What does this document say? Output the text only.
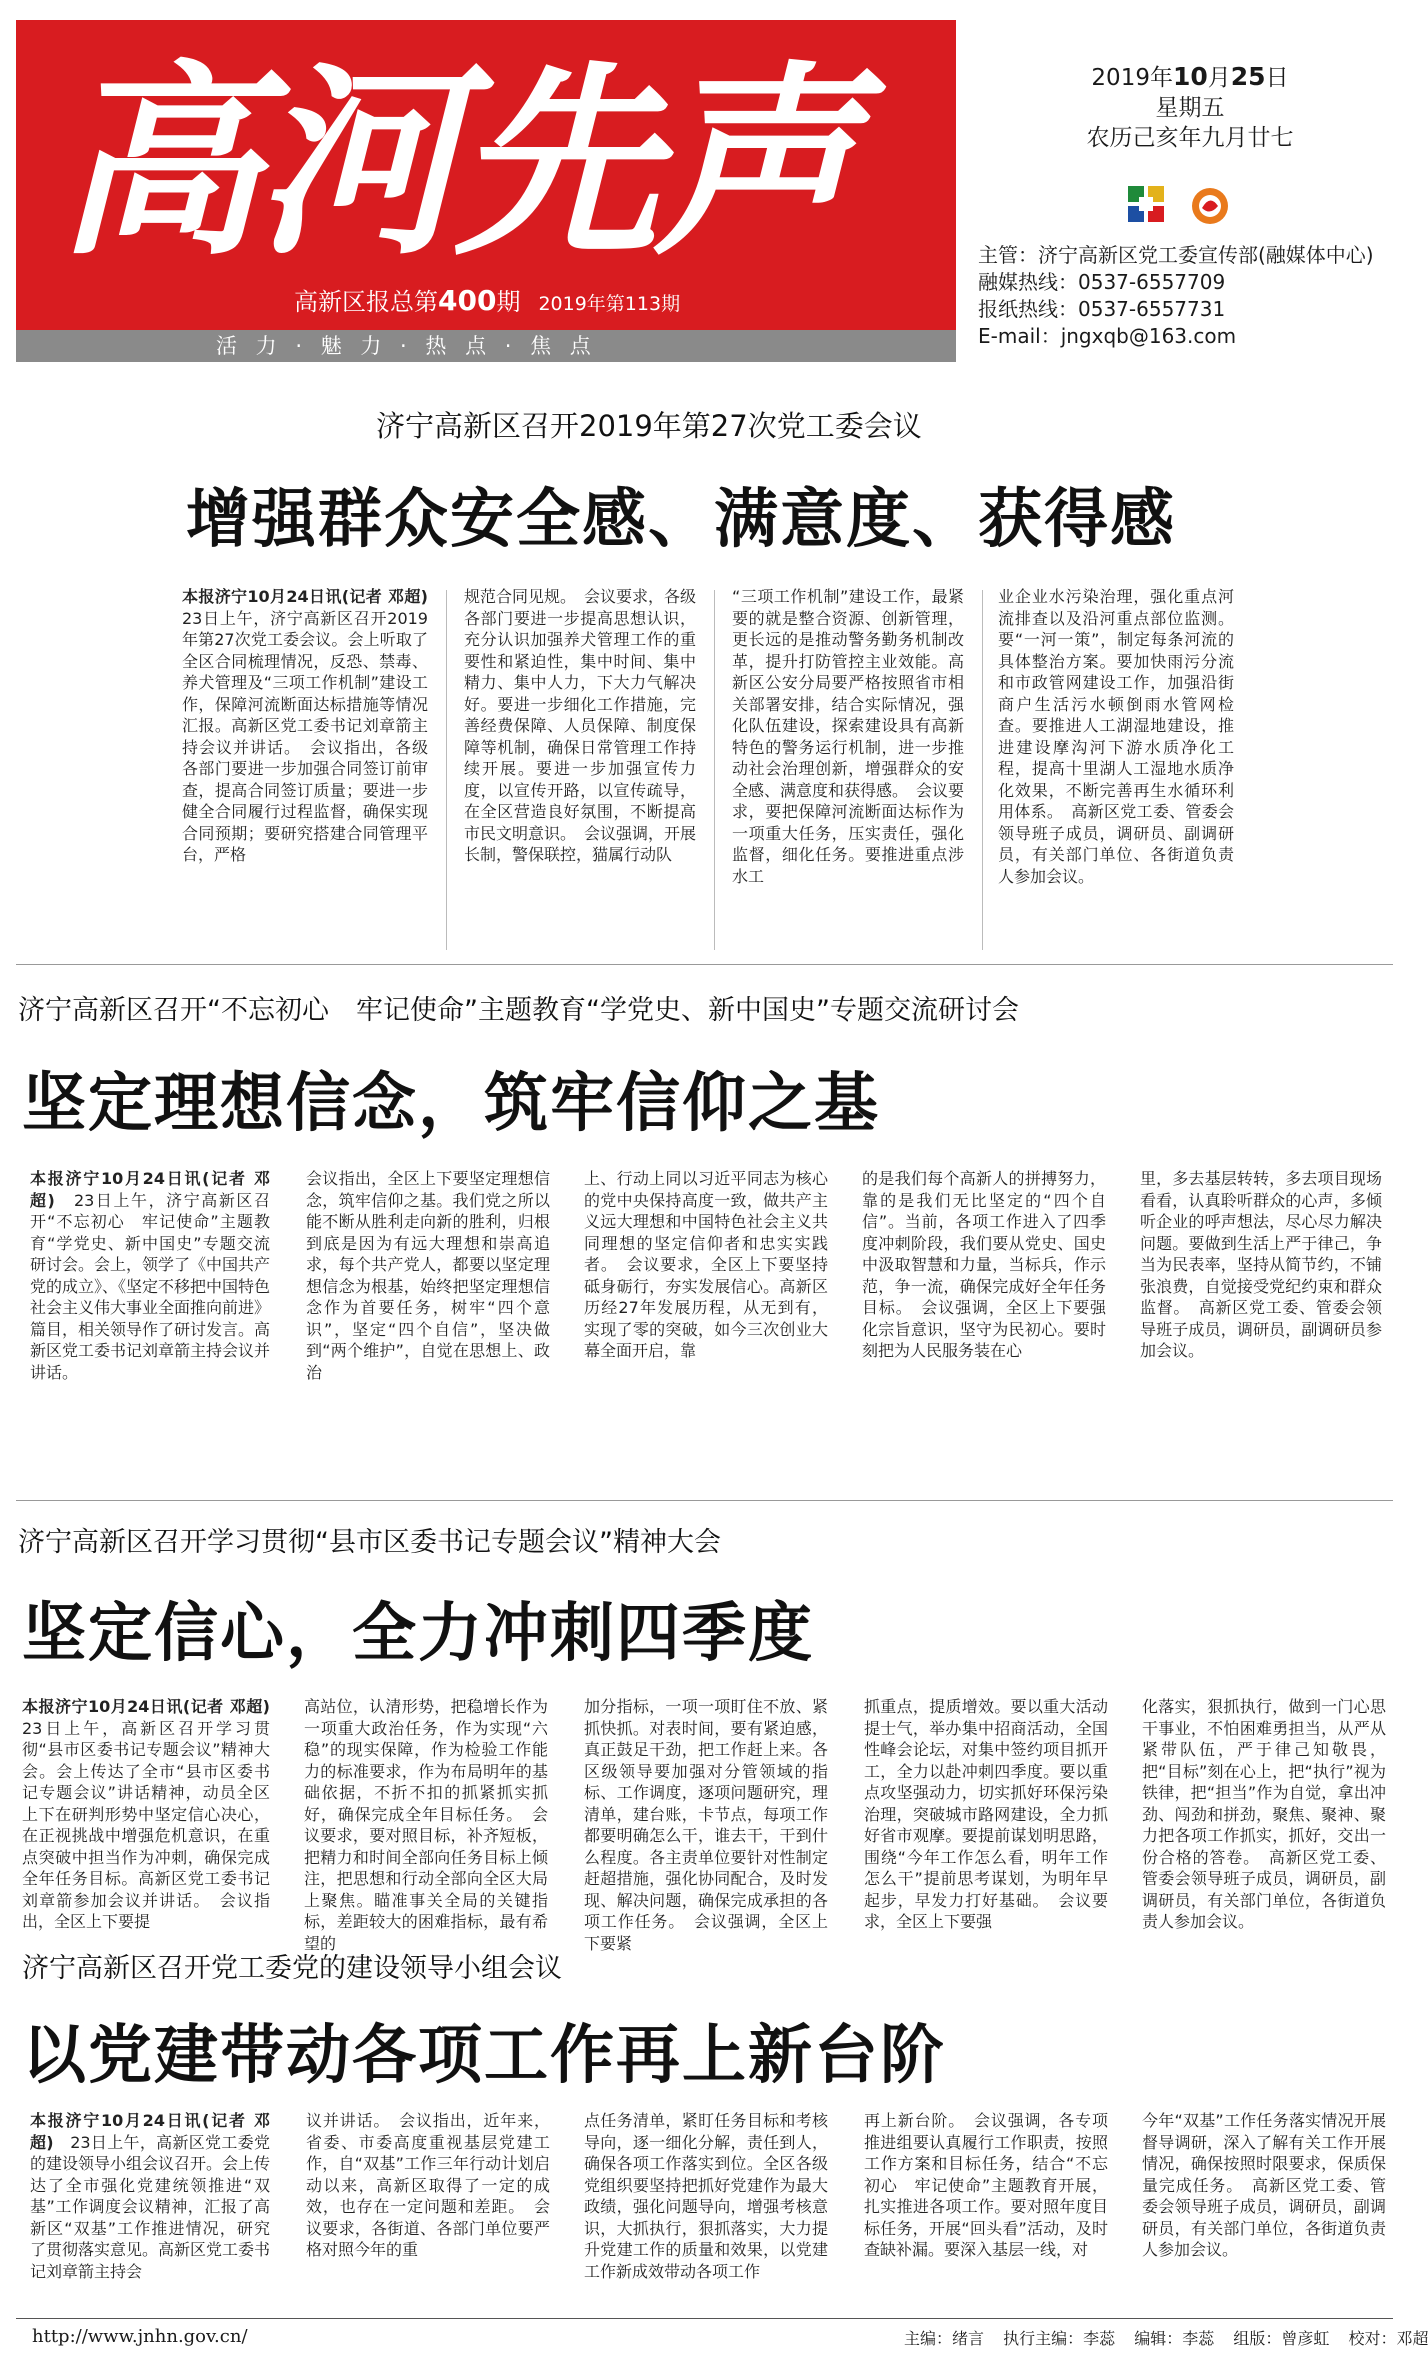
高河先声
高新区报总第400期 2019年第113期
活 力 · 魅 力 · 热 点 · 焦 点
2019年10月25日
星期五
农历己亥年九月廿七
主管：济宁高新区党工委宣传部(融媒体中心)
融媒热线：0537-6557709
报纸热线：0537-6557731
E-mail：jngxqb@163.com
济宁高新区召开2019年第27次党工委会议
增强群众安全感、满意度、获得感
本报济宁10月24日讯(记者 邓超)　23日上午，济宁高新区召开2019年第27次党工委会议。会上听取了全区合同梳理情况，反恐、禁毒、养犬管理及“三项工作机制”建设工作，保障河流断面达标措施等情况汇报。高新区党工委书记刘章箭主持会议并讲话。　会议指出，各级各部门要进一步加强合同签订前审查，提高合同签订质量；要进一步健全合同履行过程监督，确保实现合同预期；要研究搭建合同管理平台，严格
规范合同见规。　会议要求，各级各部门要进一步提高思想认识，充分认识加强养犬管理工作的重要性和紧迫性，集中时间、集中精力、集中人力，下大力气解决好。要进一步细化工作措施，完善经费保障、人员保障、制度保障等机制，确保日常管理工作持续开展。要进一步加强宣传力度，以宣传开路，以宣传疏导，在全区营造良好氛围，不断提高市民文明意识。　会议强调，开展长制，警保联控，猫属行动队
“三项工作机制”建设工作，最紧要的就是整合资源、创新管理，更长远的是推动警务勤务机制改革，提升打防管控主业效能。高新区公安分局要严格按照省市相关部署安排，结合实际情况，强化队伍建设，探索建设具有高新特色的警务运行机制，进一步推动社会治理创新，增强群众的安全感、满意度和获得感。　会议要求，要把保障河流断面达标作为一项重大任务，压实责任，强化监督，细化任务。要推进重点涉水工
业企业水污染治理，强化重点河流排查以及沿河重点部位监测。要“一河一策”，制定每条河流的具体整治方案。要加快雨污分流和市政管网建设工作，加强沿街商户生活污水顿倒雨水管网检查。要推进人工湖湿地建设，推进建设摩沟河下游水质净化工程，提高十里湖人工湿地水质净化效果，不断完善再生水循环利用体系。　高新区党工委、管委会领导班子成员，调研员、副调研员，有关部门单位、各街道负责人参加会议。
济宁高新区召开“不忘初心　牢记使命”主题教育“学党史、新中国史”专题交流研讨会
坚定理想信念，筑牢信仰之基
本报济宁10月24日讯(记者 邓超)　 23日上午，济宁高新区召开“不忘初心　牢记使命”主题教育“学党史、新中国史”专题交流研讨会。会上，领学了《中国共产党的成立》、《坚定不移把中国特色社会主义伟大事业全面推向前进》篇目，相关领导作了研讨发言。高新区党工委书记刘章箭主持会议并讲话。
会议指出，全区上下要坚定理想信念，筑牢信仰之基。我们党之所以能不断从胜利走向新的胜利，归根到底是因为有远大理想和崇高追求，每个共产党人，都要以坚定理想信念为根基，始终把坚定理想信念作为首要任务，树牢“四个意识”，坚定“四个自信”，坚决做到“两个维护”，自觉在思想上、政治
上、行动上同以习近平同志为核心的党中央保持高度一致，做共产主义远大理想和中国特色社会主义共同理想的坚定信仰者和忠实实践者。　会议要求，全区上下要坚持砥身砺行，夯实发展信心。高新区历经27年发展历程，从无到有，实现了零的突破，如今三次创业大幕全面开启，靠
的是我们每个高新人的拼搏努力，靠的是我们无比坚定的“四个自信”。当前，各项工作进入了四季度冲刺阶段，我们要从党史、国史中汲取智慧和力量，当标兵，作示范，争一流，确保完成好全年任务目标。　会议强调，全区上下要强化宗旨意识，坚守为民初心。要时刻把为人民服务装在心
里，多去基层转转，多去项目现场看看，认真聆听群众的心声，多倾听企业的呼声想法，尽心尽力解决问题。要做到生活上严于律己，争当为民表率，坚持从简节约，不铺张浪费，自觉接受党纪约束和群众监督。　高新区党工委、管委会领导班子成员，调研员，副调研员参加会议。
济宁高新区召开学习贯彻“县市区委书记专题会议”精神大会
坚定信心，全力冲刺四季度
本报济宁10月24日讯(记者 邓超)　23日上午，高新区召开学习贯彻“县市区委书记专题会议”精神大会。会上传达了全市“县市区委书记专题会议”讲话精神，动员全区上下在研判形势中坚定信心决心，在正视挑战中增强危机意识，在重点突破中担当作为冲刺，确保完成全年任务目标。高新区党工委书记刘章箭参加会议并讲话。　会议指出，全区上下要提
高站位，认清形势，把稳增长作为一项重大政治任务，作为实现“六稳”的现实保障，作为检验工作能力的标准要求，作为布局明年的基础依据，不折不扣的抓紧抓实抓好，确保完成全年目标任务。　会议要求，要对照目标，补齐短板，把精力和时间全部向任务目标上倾注，把思想和行动全部向全区大局上聚焦。瞄准事关全局的关键指标，差距较大的困难指标，最有希望的
加分指标，一项一项盯住不放、紧抓快抓。对表时间，要有紧迫感，真正鼓足干劲，把工作赶上来。各区级领导要加强对分管领域的指标、工作调度，逐项问题研究，理清单，建台账，卡节点，每项工作都要明确怎么干，谁去干，干到什么程度。各主责单位要针对性制定赶超措施，强化协同配合，及时发现、解决问题，确保完成承担的各项工作任务。　会议强调，全区上下要紧
抓重点，提质增效。要以重大活动提士气，举办集中招商活动，全国性峰会论坛，对集中签约项目抓开工，全力以赴冲刺四季度。要以重点攻坚强动力，切实抓好环保污染治理，突破城市路网建设，全力抓好省市观摩。要提前谋划明思路，围绕“今年工作怎么看，明年工作怎么干”提前思考谋划，为明年早起步，早发力打好基础。　会议要求，全区上下要强
化落实，狠抓执行，做到一门心思干事业，不怕困难勇担当，从严从紧带队伍，严于律己知敬畏，把“目标”刻在心上，把“执行”视为铁律，把“担当”作为自觉，拿出冲劲、闯劲和拼劲，聚焦、聚神、聚力把各项工作抓实，抓好，交出一份合格的答卷。　高新区党工委、管委会领导班子成员，调研员，副调研员，有关部门单位，各街道负责人参加会议。
济宁高新区召开党工委党的建设领导小组会议
以党建带动各项工作再上新台阶
本报济宁10月24日讯(记者 邓超)　 23日上午，高新区党工委党的建设领导小组会议召开。会上传达了全市强化党建统领推进“双基”工作调度会议精神，汇报了高新区“双基”工作推进情况，研究了贯彻落实意见。高新区党工委书记刘章箭主持会
议并讲话。　会议指出，近年来，省委、市委高度重视基层党建工作，自“双基”工作三年行动计划启动以来，高新区取得了一定的成效，也存在一定问题和差距。　会议要求，各街道、各部门单位要严格对照今年的重
点任务清单，紧盯任务目标和考核导向，逐一细化分解，责任到人，确保各项工作落实到位。全区各级党组织要坚持把抓好党建作为最大政绩，强化问题导向，增强考核意识，大抓执行，狠抓落实，大力提升党建工作的质量和效果，以党建工作新成效带动各项工作
再上新台阶。　会议强调，各专项推进组要认真履行工作职责，按照工作方案和目标任务，结合“不忘初心　牢记使命”主题教育开展，扎实推进各项工作。要对照年度目标任务，开展“回头看”活动，及时查缺补漏。要深入基层一线，对
今年“双基”工作任务落实情况开展督导调研，深入了解有关工作开展情况，确保按照时限要求，保质保量完成任务。　高新区党工委、管委会领导班子成员，调研员，副调研员，有关部门单位，各街道负责人参加会议。
http://www.jnhn.gov.cn/	主编：绪言 执行主编：李蕊 编辑：李蕊 组版：曾彦虹 校对：邓超
